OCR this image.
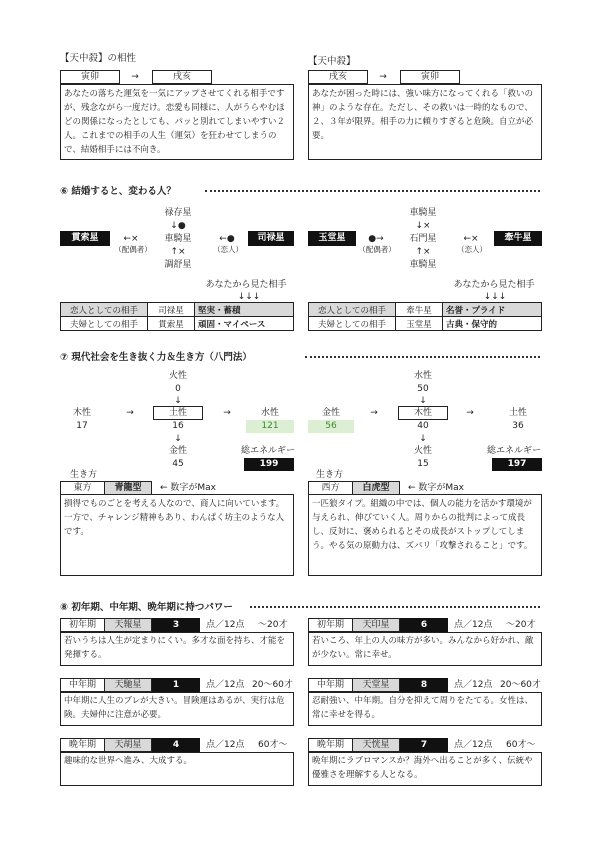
【天中殺】の相性
寅卯	→	戌亥
あなたの落ちた運気を一気にアップさせてくれる相手ですが、残念ながら一度だけ。恋愛も同様に、人がうらやむほどの関係になったとしても、パッと別れてしまいやすい２人。これまでの相手の人生（運気）を狂わせてしまうので、結婚相手には不向き。
【天中殺】
戌亥	→	寅卯
あなたが困った時には、強い味方になってくれる「救いの神」のような存在。ただし、その救いは一時的なもので、２、３年が限界。相手の力に頼りすぎると危険。自立が必要。
⑥ 結婚すると、変わる人？
禄存星
↓●
車騎星
↑×
調舒星
貫索星	←×
（配偶者）
←●
（恋人）
司禄星
あなたから見た相手
↓↓↓
恋人としての相手	司禄星	堅実・蓄積
夫婦としての相手	貫索星	頑固・マイペース
車騎星
↓×
石門星
↑×
車騎星
玉堂星	●→
（配偶者）
←×
（恋人）
牽牛星
あなたから見た相手
↓↓↓
恋人としての相手	牽牛星	名誉・プライド
夫婦としての相手	玉堂星	古典・保守的
⑦ 現代社会を生き抜く力＆生き方（八門法）
火性
0
↓
木性
17
→	土性
16
→	水性
121
↓
金性
45
総エネルギー
199
生き方
東方	青龍型	← 数字がMax
損得でものごとを考える人なので、商人に向いています。一方で、チャレンジ精神もあり、わんぱく坊主のような人です。
水性
50
↓
金性
56
→	木性
40
→	土性
36
↓
火性
15
総エネルギー
197
生き方
西方	白虎型	← 数字がMax
一匹狼タイプ。組織の中では、個人の能力を活かす環境が与えられ、伸びていく人。周りからの批判によって成長し、反対に、褒められるとその成長がストップしてしまう。やる気の原動力は、ズバリ「攻撃されること」です。
⑧ 初年期、中年期、晩年期に持つパワー
初年期	天報星	3	点／12点 〜20才
若いうちは人生が定まりにくい。多才な面を持ち、才能を発揮する。
中年期	天馳星	1	点／12点 20〜60才
中年期に人生のブレが大きい。冒険運はあるが、実行は危険。夫婦仲に注意が必要。
晩年期	天胡星	4	点／12点 60才〜
趣味的な世界へ進み、大成する。
初年期	天印星	6	点／12点 〜20才
若いころ、年上の人の味方が多い。みんなから好かれ、敵が少ない。常に幸せ。
中年期	天堂星	8	点／12点 20〜60才
忍耐強い、中年期。自分を抑えて周りをたてる。女性は、常に幸せを得る。
晩年期	天恍星	7	点／12点 60才〜
晩年期にラブロマンスか？海外へ出ることが多く、伝統や優雅さを理解する人となる。
